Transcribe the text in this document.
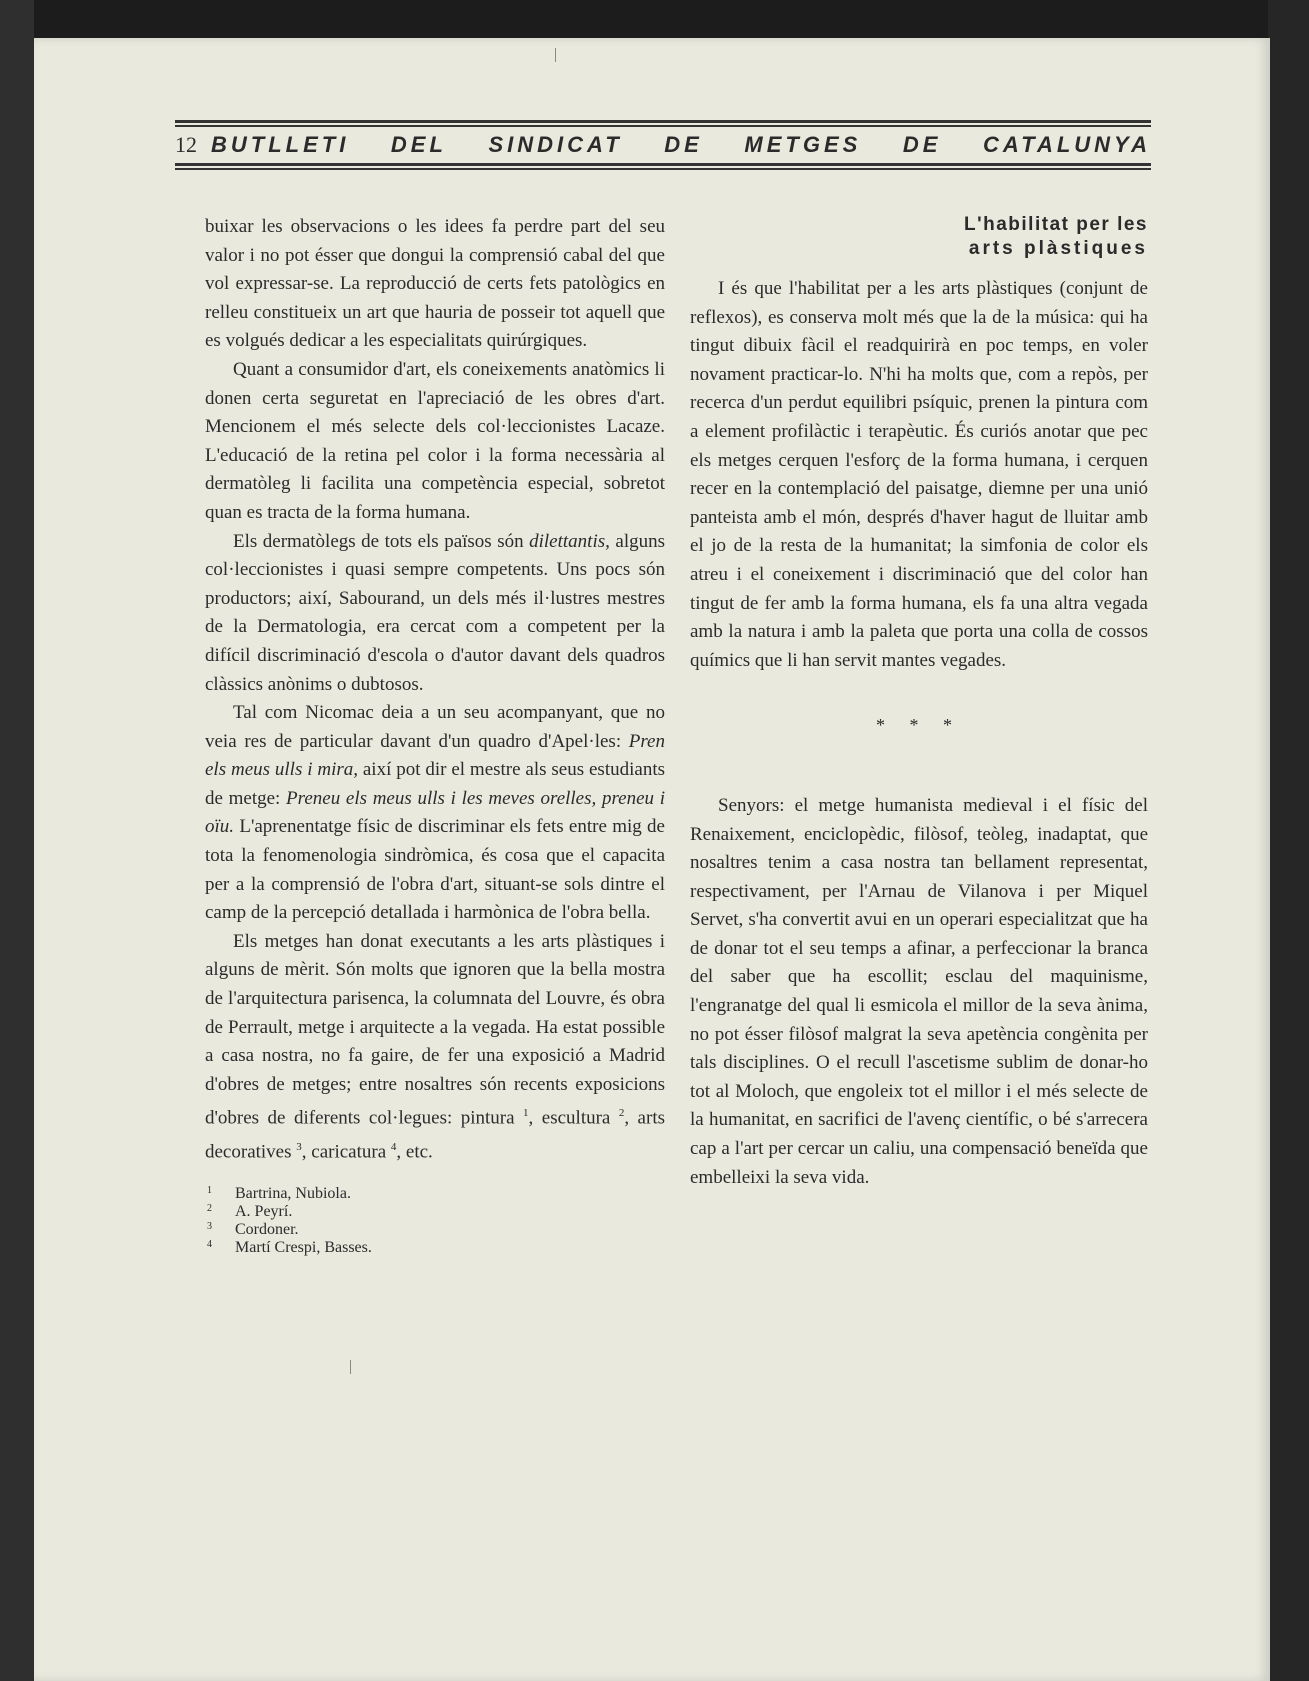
12 BUTLLETI DEL SINDICAT DE METGES DE CATALUNYA

buixar les observacions o les idees fa perdre part del seu valor i no pot ésser que dongui la comprensió cabal del que vol expressar-se. La reproducció de certs fets patològics en relleu constitueix un art que hauria de posseir tot aquell que es volgués dedicar a les especialitats quirúrgiques.

Quant a consumidor d'art, els coneixements anatòmics li donen certa seguretat en l'apreciació de les obres d'art. Mencionem el més selecte dels col·leccionistes Lacaze. L'educació de la retina pel color i la forma necessària al dermatòleg li facilita una competència especial, sobretot quan es tracta de la forma humana.

Els dermatòlegs de tots els països són dilettantis, alguns col·leccionistes i quasi sempre competents. Uns pocs són productors; així, Sabourand, un dels més il·lustres mestres de la Dermatologia, era cercat com a competent per la difícil discriminació d'escola o d'autor davant dels quadros clàssics anònims o dubtosos.

Tal com Nicomac deia a un seu acompanyant, que no veia res de particular davant d'un quadro d'Apel·les: Pren els meus ulls i mira, així pot dir el mestre als seus estudiants de metge: Preneu els meus ulls i les meves orelles, preneu i oïu. L'aprenentatge físic de discriminar els fets entre mig de tota la fenomenologia sindròmica, és cosa que el capacita per a la comprensió de l'obra d'art, situant-se sols dintre el camp de la percepció detallada i harmònica de l'obra bella.

Els metges han donat executants a les arts plàstiques i alguns de mèrit. Són molts que ignoren que la bella mostra de l'arquitectura parisenca, la columnata del Louvre, és obra de Perrault, metge i arquitecte a la vegada. Ha estat possible a casa nostra, no fa gaire, de fer una exposició a Madrid d'obres de metges; entre nosaltres són recents exposicions d'obres de diferents col·legues: pintura $^1$, escultura $^2$, arts decoratives $^3$, caricatura $^4$, etc.

1	Bartrina, Nubiola.
2	A. Peyrí.
3	Cordoner.
4	Martí Crespi, Basses.
L'habilitat per les
arts plàstiques

I és que l'habilitat per a les arts plàstiques (conjunt de reflexos), es conserva molt més que la de la música: qui ha tingut dibuix fàcil el readquirirà en poc temps, en voler novament practicar-lo. N'hi ha molts que, com a repòs, per recerca d'un perdut equilibri psíquic, prenen la pintura com a element profilàctic i terapèutic. És curiós anotar que pec els metges cerquen l'esforç de la forma humana, i cerquen recer en la contemplació del paisatge, diemne per una unió panteista amb el món, després d'haver hagut de lluitar amb el jo de la resta de la humanitat; la simfonia de color els atreu i el coneixement i discriminació que del color han tingut de fer amb la forma humana, els fa una altra vegada amb la natura i amb la paleta que porta una colla de cossos químics que li han servit mantes vegades.

* * *

Senyors: el metge humanista medieval i el físic del Renaixement, enciclopèdic, filòsof, teòleg, inadaptat, que nosaltres tenim a casa nostra tan bellament representat, respectivament, per l'Arnau de Vilanova i per Miquel Servet, s'ha convertit avui en un operari especialitzat que ha de donar tot el seu temps a afinar, a perfeccionar la branca del saber que ha escollit; esclau del maquinisme, l'engranatge del qual li esmicola el millor de la seva ànima, no pot ésser filòsof malgrat la seva apetència congènita per tals disciplines. O el recull l'ascetisme sublim de donar-ho tot al Moloch, que engoleix tot el millor i el més selecte de la humanitat, en sacrifici de l'avenç científic, o bé s'arrecera cap a l'art per cercar un caliu, una compensació beneïda que embelleixi la seva vida.
